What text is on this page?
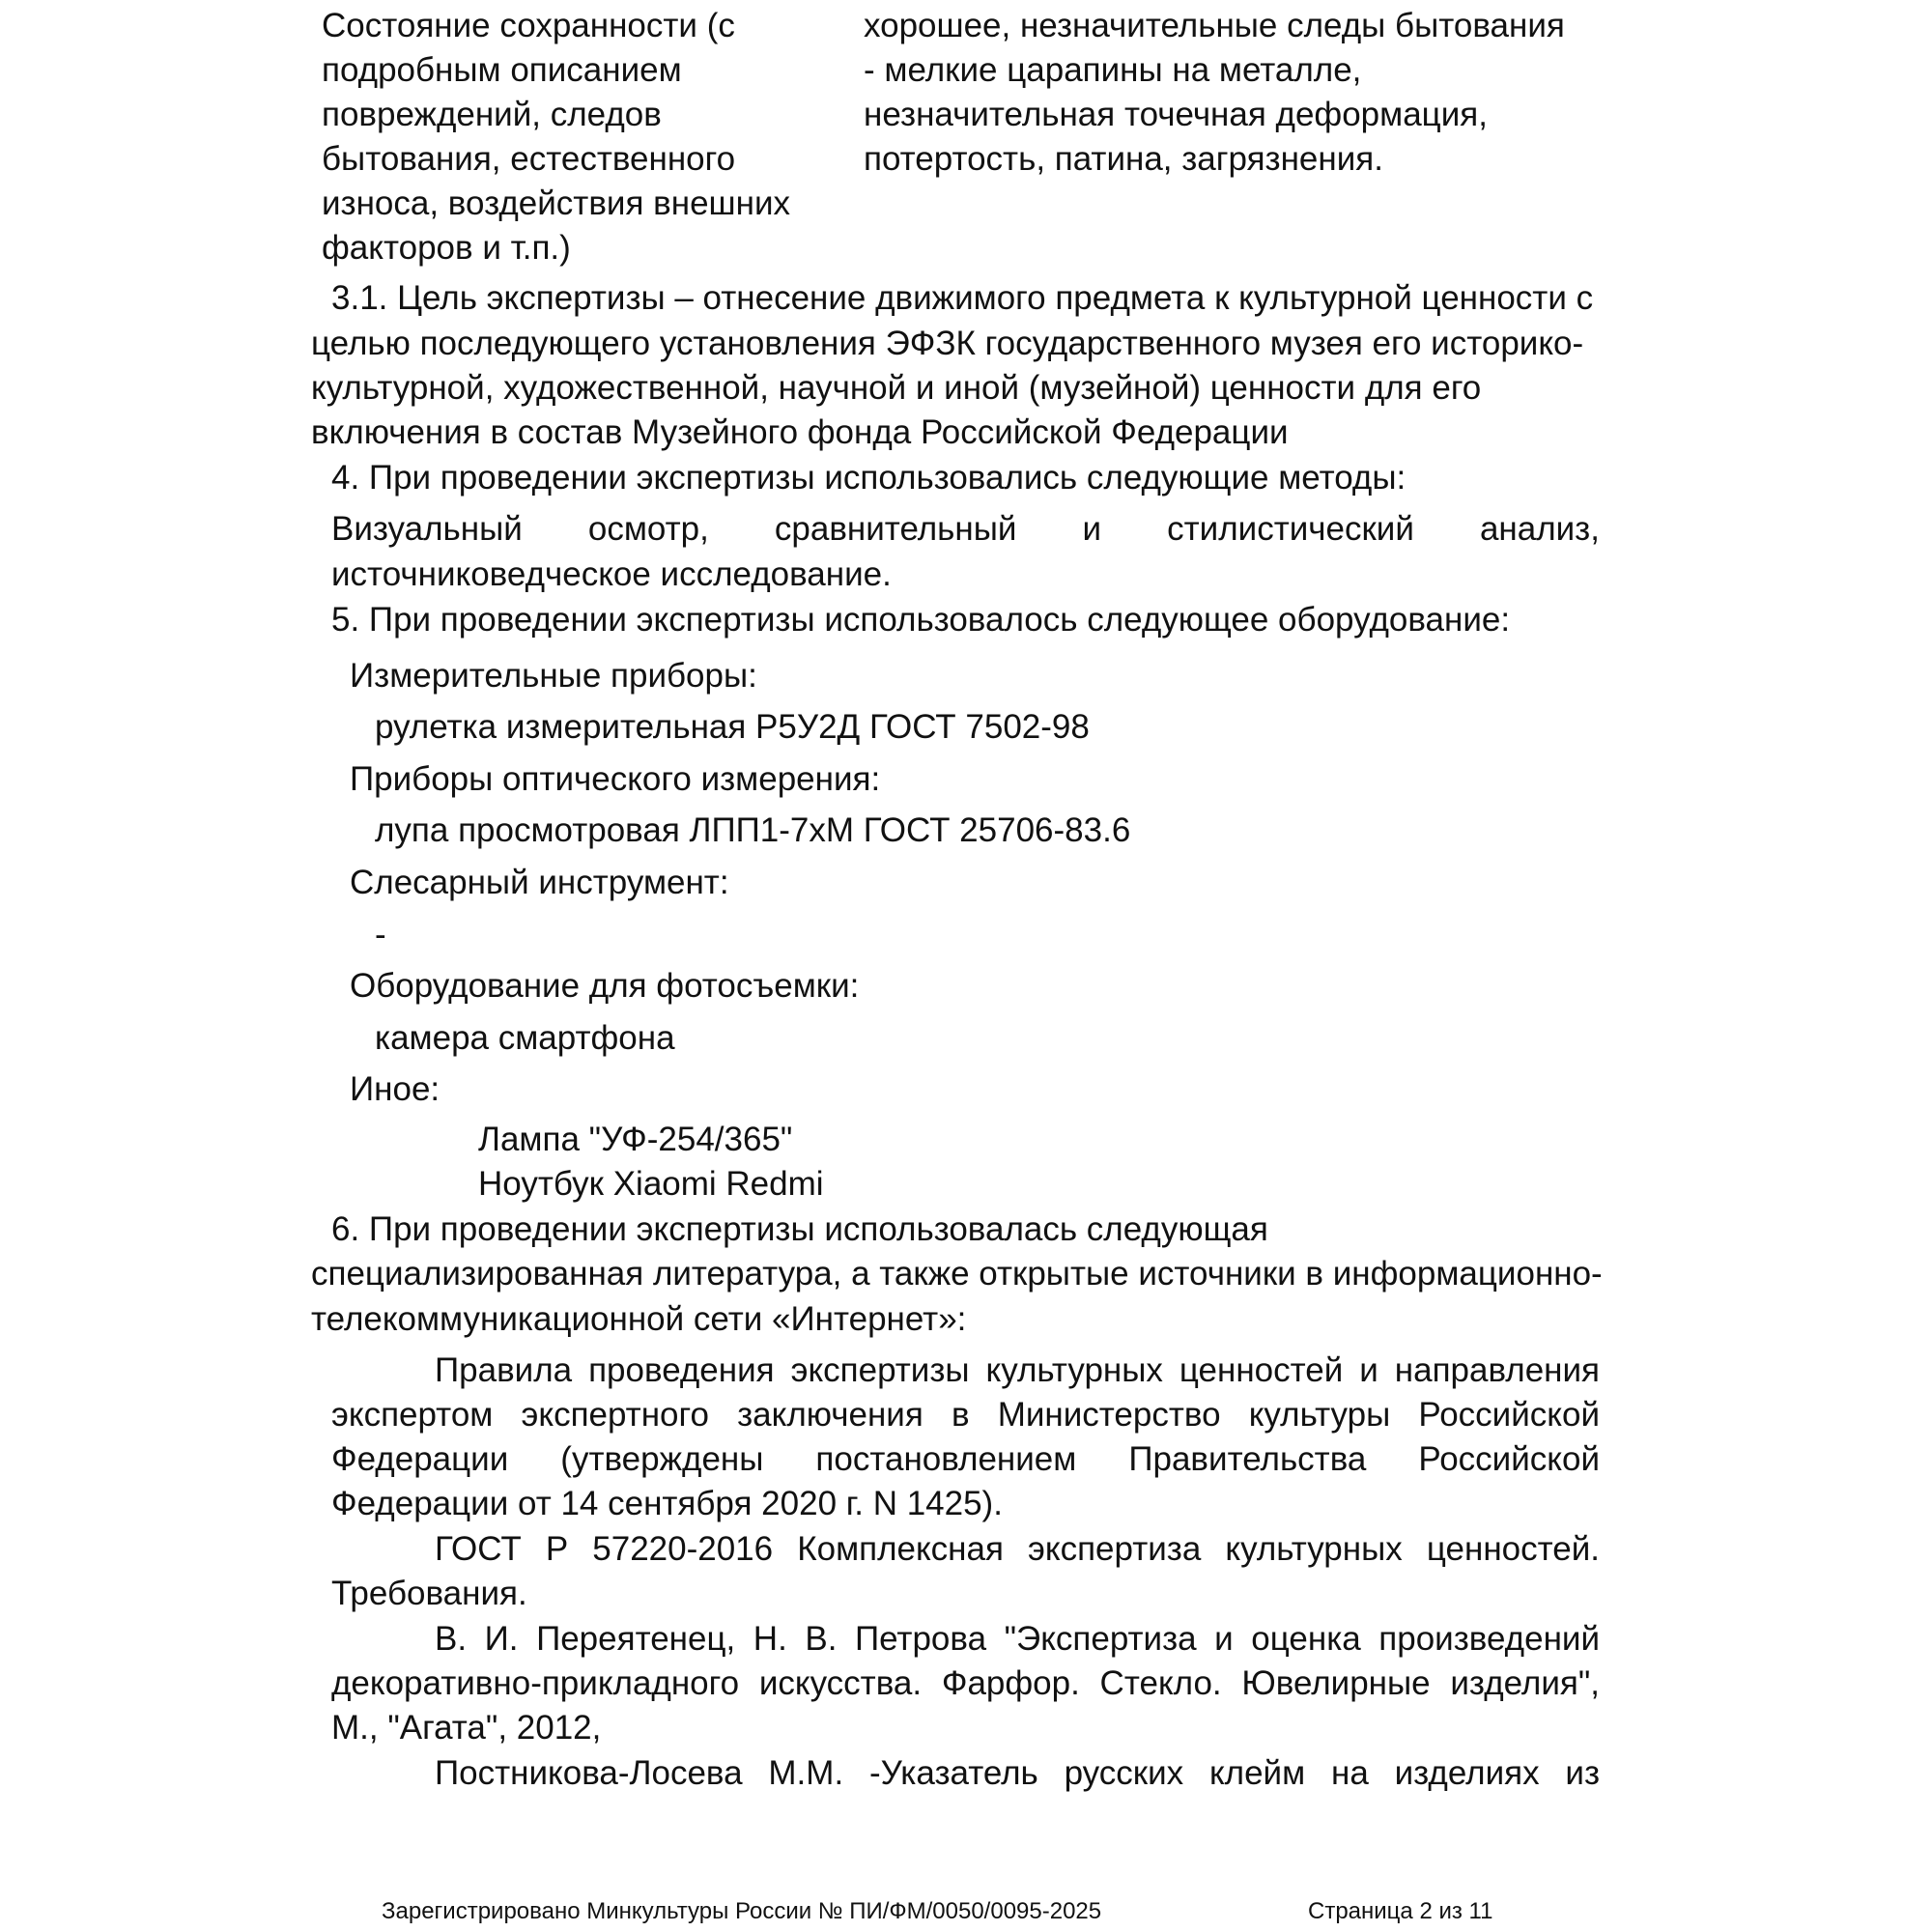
Состояние сохранности (с
подробным описанием
повреждений, следов
бытования, естественного
износа, воздействия внешних
факторов и т.п.)
хорошее, незначительные следы бытования
- мелкие царапины на металле,
незначительная точечная деформация,
потертость, патина, загрязнения.

3.1. Цель экспертизы – отнесение движимого предмета к культурной ценности с

целью последующего установления ЭФЗК государственного музея его историко-

культурной, художественной, научной и иной (музейной) ценности для его

включения в состав Музейного фонда Российской Федерации

4. При проведении экспертизы использовались следующие методы:

Визуальный осмотр, сравнительный и стилистический анализ,

источниковедческое исследование.

5. При проведении экспертизы использовалось следующее оборудование:

Измерительные приборы:

рулетка измерительная Р5У2Д ГОСТ 7502-98

Приборы оптического измерения:

лупа просмотровая ЛПП1-7хМ ГОСТ 25706-83.6

Слесарный инструмент:

-

Оборудование для фотосъемки:

камера смартфона

Иное:

Лампа "УФ-254/365"

Ноутбук Xiaomi Redmi

6. При проведении экспертизы использовалась следующая

специализированная литература, а также открытые источники в информационно-

телекоммуникационной сети «Интернет»:

Правила проведения экспертизы культурных ценностей и направления экспертом экспертного заключения в Министерство культуры Российской Федерации (утверждены постановлением Правительства Российской Федерации от 14 сентября 2020 г. N 1425).
ГОСТ Р 57220-2016 Комплексная экспертиза культурных ценностей. Требования.
В. И. Переятенец, Н. В. Петрова "Экспертиза и оценка произведений декоративно-прикладного искусства. Фарфор. Стекло. Ювелирные изделия", М., "Агата", 2012,
Постникова-Лосева М.М. -Указатель русских клейм на изделиях из
Зарегистрировано Минкультуры России № ПИ/ФМ/0050/0095-2025	Страница 2 из 11
